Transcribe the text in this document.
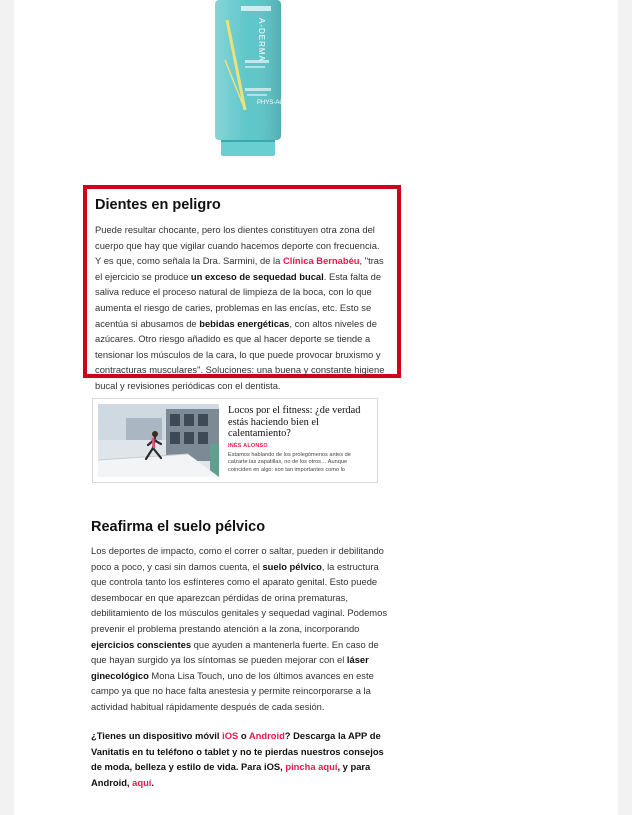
A-DERMA
PHYS-AC
Dientes en peligro

Puede resultar chocante, pero los dientes constituyen otra zona del cuerpo que hay que vigilar cuando hacemos deporte con frecuencia. Y es que, como señala la Dra. Sarmini, de la Clínica Bernabéu, "tras el ejercicio se produce un exceso de sequedad bucal. Esta falta de saliva reduce el proceso natural de limpieza de la boca, con lo que aumenta el riesgo de caries, problemas en las encías, etc. Esto se acentúa si abusamos de bebidas energéticas, con altos niveles de azúcares. Otro riesgo añadido es que al hacer deporte se tiende a tensionar los músculos de la cara, lo que puede provocar bruxismo y contracturas musculares". Soluciones: una buena y constante higiene bucal y revisiones periódicas con el dentista.

Locos por el fitness: ¿de verdad estás haciendo bien el calentamiento?

INÉS ALONSO
Estamos hablando de los prolegómenos antes de calzarte las zapatillas, no de los otros… Aunque coinciden en algo: son tan importantes como lo
Reafirma el suelo pélvico

Los deportes de impacto, como el correr o saltar, pueden ir debilitando poco a poco, y casi sin damos cuenta, el suelo pélvico, la estructura que controla tanto los esfínteres como el aparato genital. Esto puede desembocar en que aparezcan pérdidas de orina prematuras, debilitamiento de los músculos genitales y sequedad vaginal. Podemos prevenir el problema prestando atención a la zona, incorporando ejercicios conscientes que ayuden a mantenerla fuerte. En caso de que hayan surgido ya los síntomas se pueden mejorar con el láser ginecológico Mona Lisa Touch, uno de los últimos avances en este campo ya que no hace falta anestesia y permite reincorporarse a la actividad habitual rápidamente después de cada sesión.

¿Tienes un dispositivo móvil iOS o Android? Descarga la APP de Vanitatis en tu teléfono o tablet y no te pierdas nuestros consejos de moda, belleza y estilo de vida. Para iOS, pincha aquí, y para Android, aquí.
